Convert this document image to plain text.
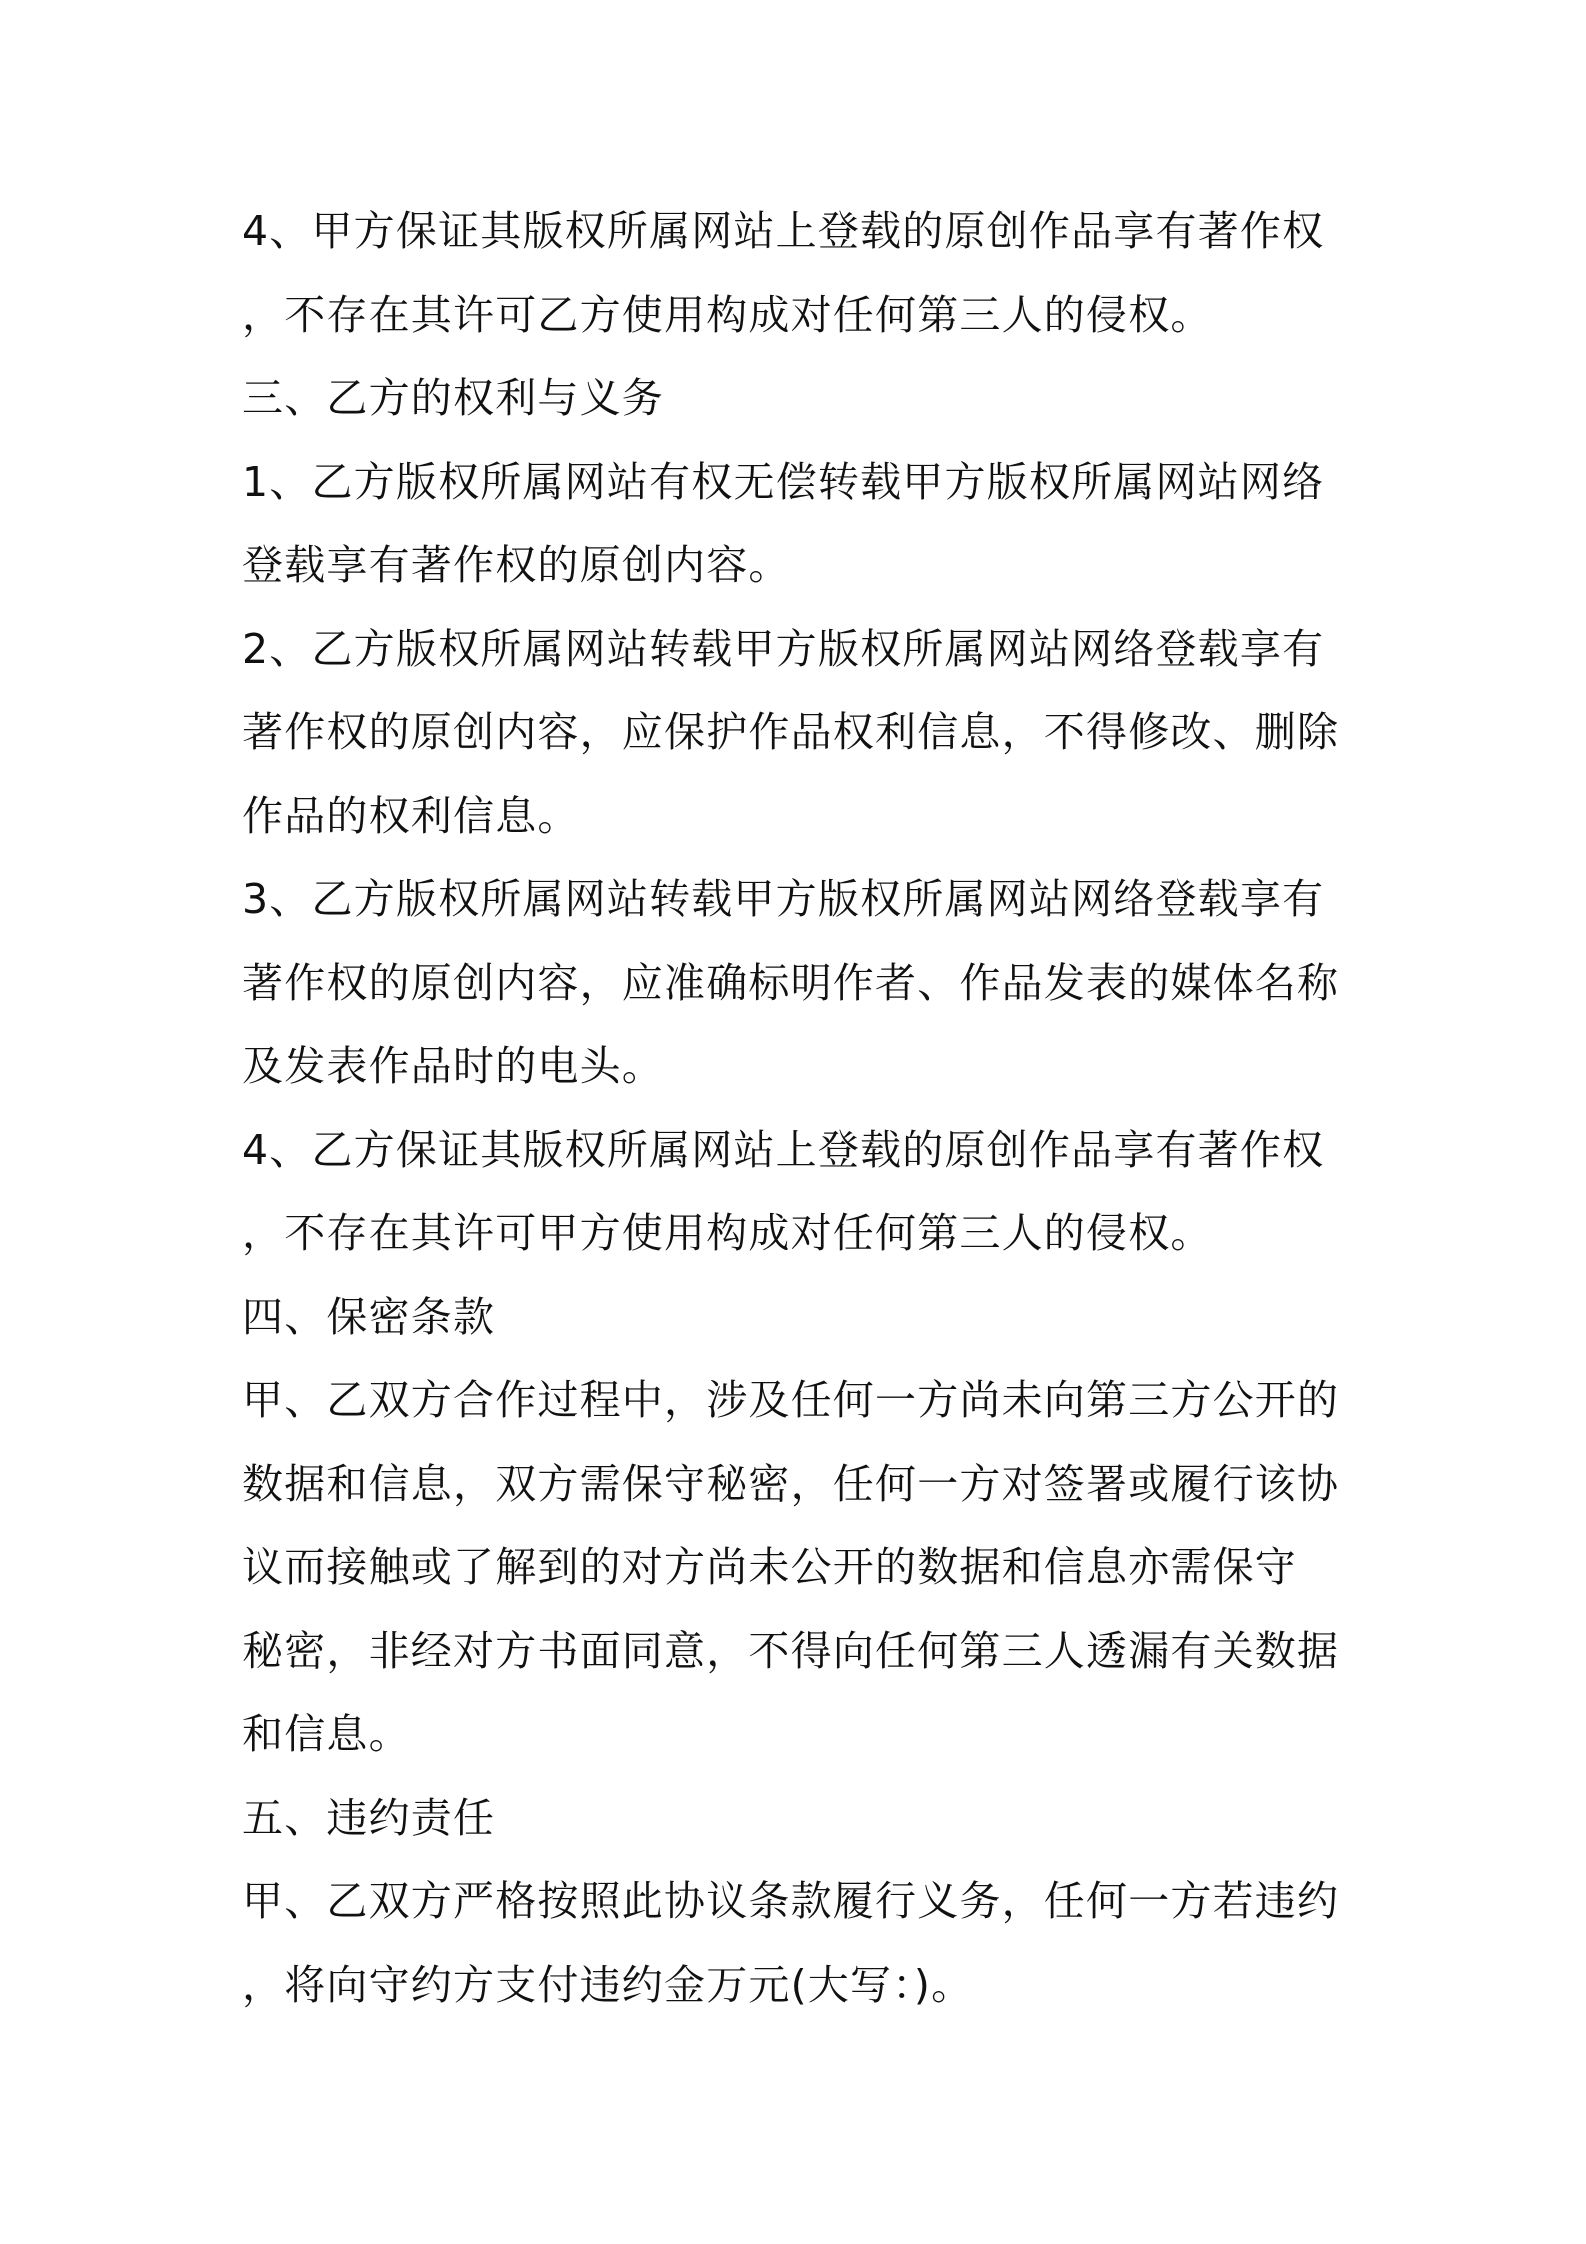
4、甲方保证其版权所属网站上登载的原创作品享有著作权
，不存在其许可乙方使用构成对任何第三人的侵权。
三、乙方的权利与义务
1、乙方版权所属网站有权无偿转载甲方版权所属网站网络
登载享有著作权的原创内容。
2、乙方版权所属网站转载甲方版权所属网站网络登载享有
著作权的原创内容，应保护作品权利信息，不得修改、删除
作品的权利信息。
3、乙方版权所属网站转载甲方版权所属网站网络登载享有
著作权的原创内容，应准确标明作者、作品发表的媒体名称
及发表作品时的电头。
4、乙方保证其版权所属网站上登载的原创作品享有著作权
，不存在其许可甲方使用构成对任何第三人的侵权。
四、保密条款
甲、乙双方合作过程中，涉及任何一方尚未向第三方公开的
数据和信息，双方需保守秘密，任何一方对签署或履行该协
议而接触或了解到的对方尚未公开的数据和信息亦需保守
秘密，非经对方书面同意，不得向任何第三人透漏有关数据
和信息。
五、违约责任
甲、乙双方严格按照此协议条款履行义务，任何一方若违约
，将向守约方支付违约金万元(大写：)。
